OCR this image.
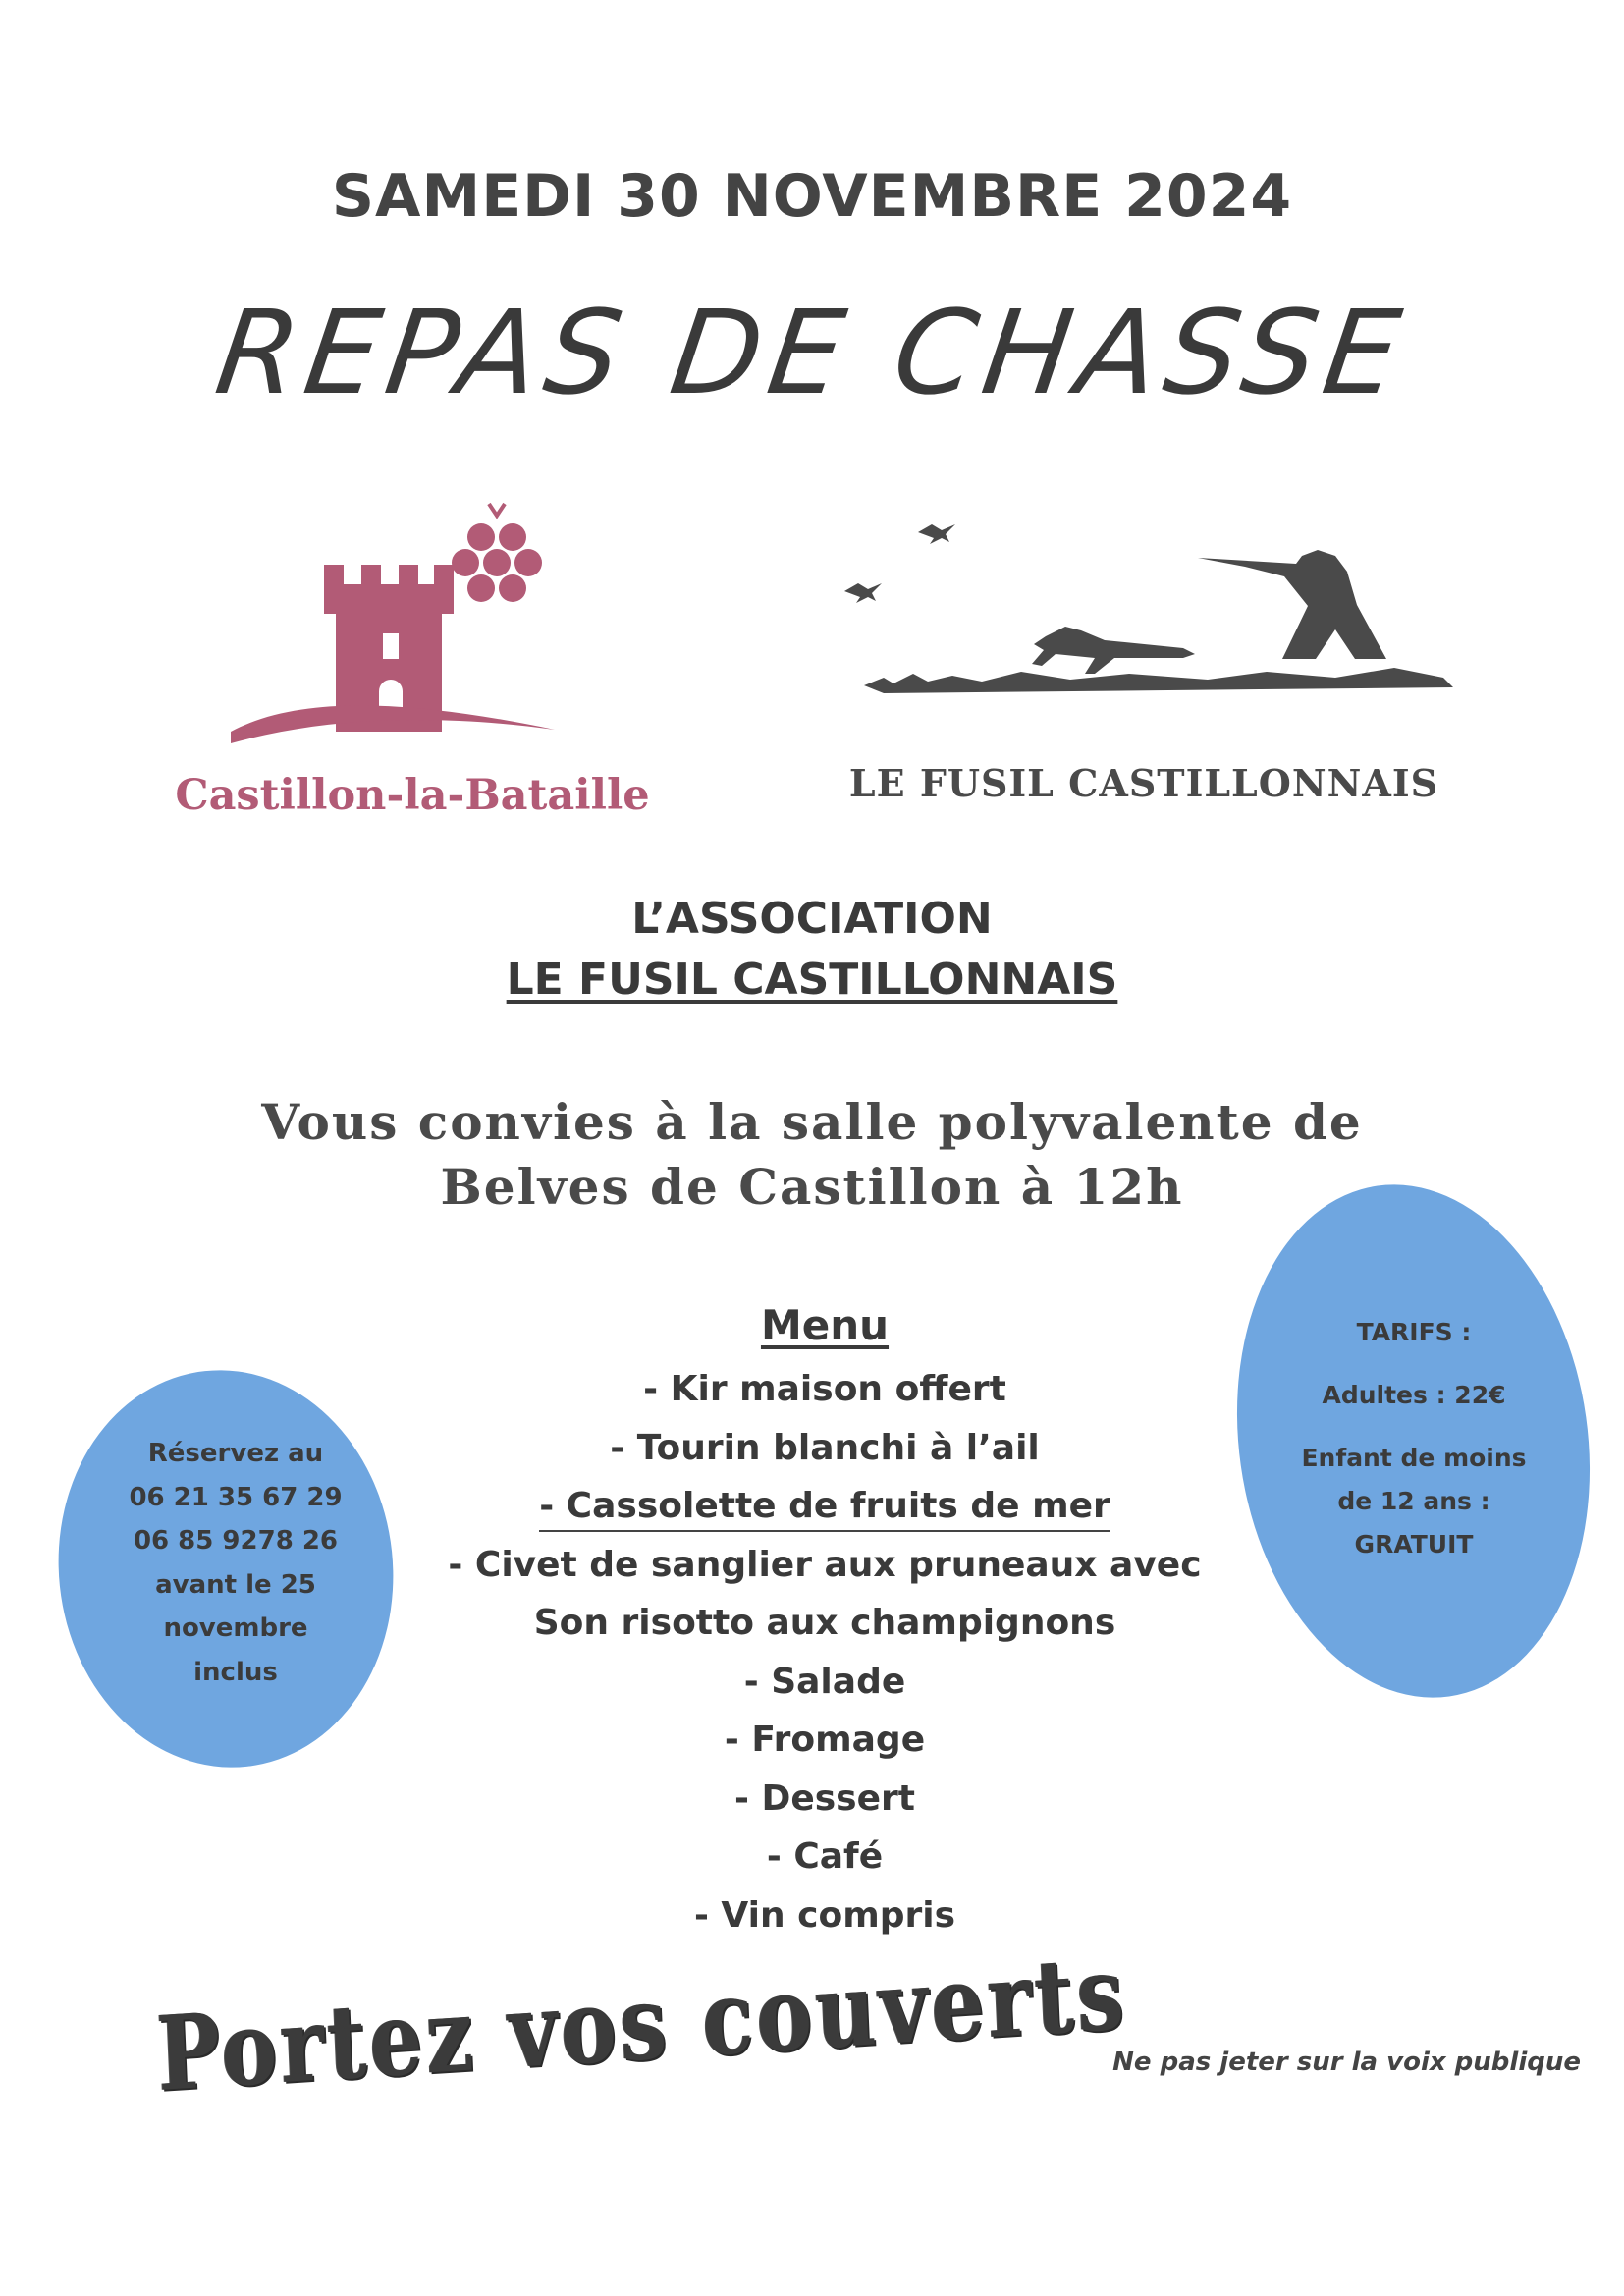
SAMEDI 30 NOVEMBRE 2024
REPAS DE CHASSE
Castillon-la-Bataille	LE FUSIL CASTILLONNAIS
L’ASSOCIATION
LE FUSIL CASTILLONNAIS
Vous convies à la salle polyvalente de
Belves de Castillon à 12h
Réservez au
06 21 35 67 29
06 85 9278 26
avant le 25
novembre
inclus
TARIFS :
Adultes : 22€
Enfant de moins
de 12 ans :
GRATUIT
Menu
- Kir maison offert
- Tourin blanchi à l’ail
- Cassolette de fruits de mer
- Civet de sanglier aux pruneaux avec
Son risotto aux champignons
- Salade
- Fromage
- Dessert
- Café
- Vin compris
Portez vos couverts
Ne pas jeter sur la voix publique
